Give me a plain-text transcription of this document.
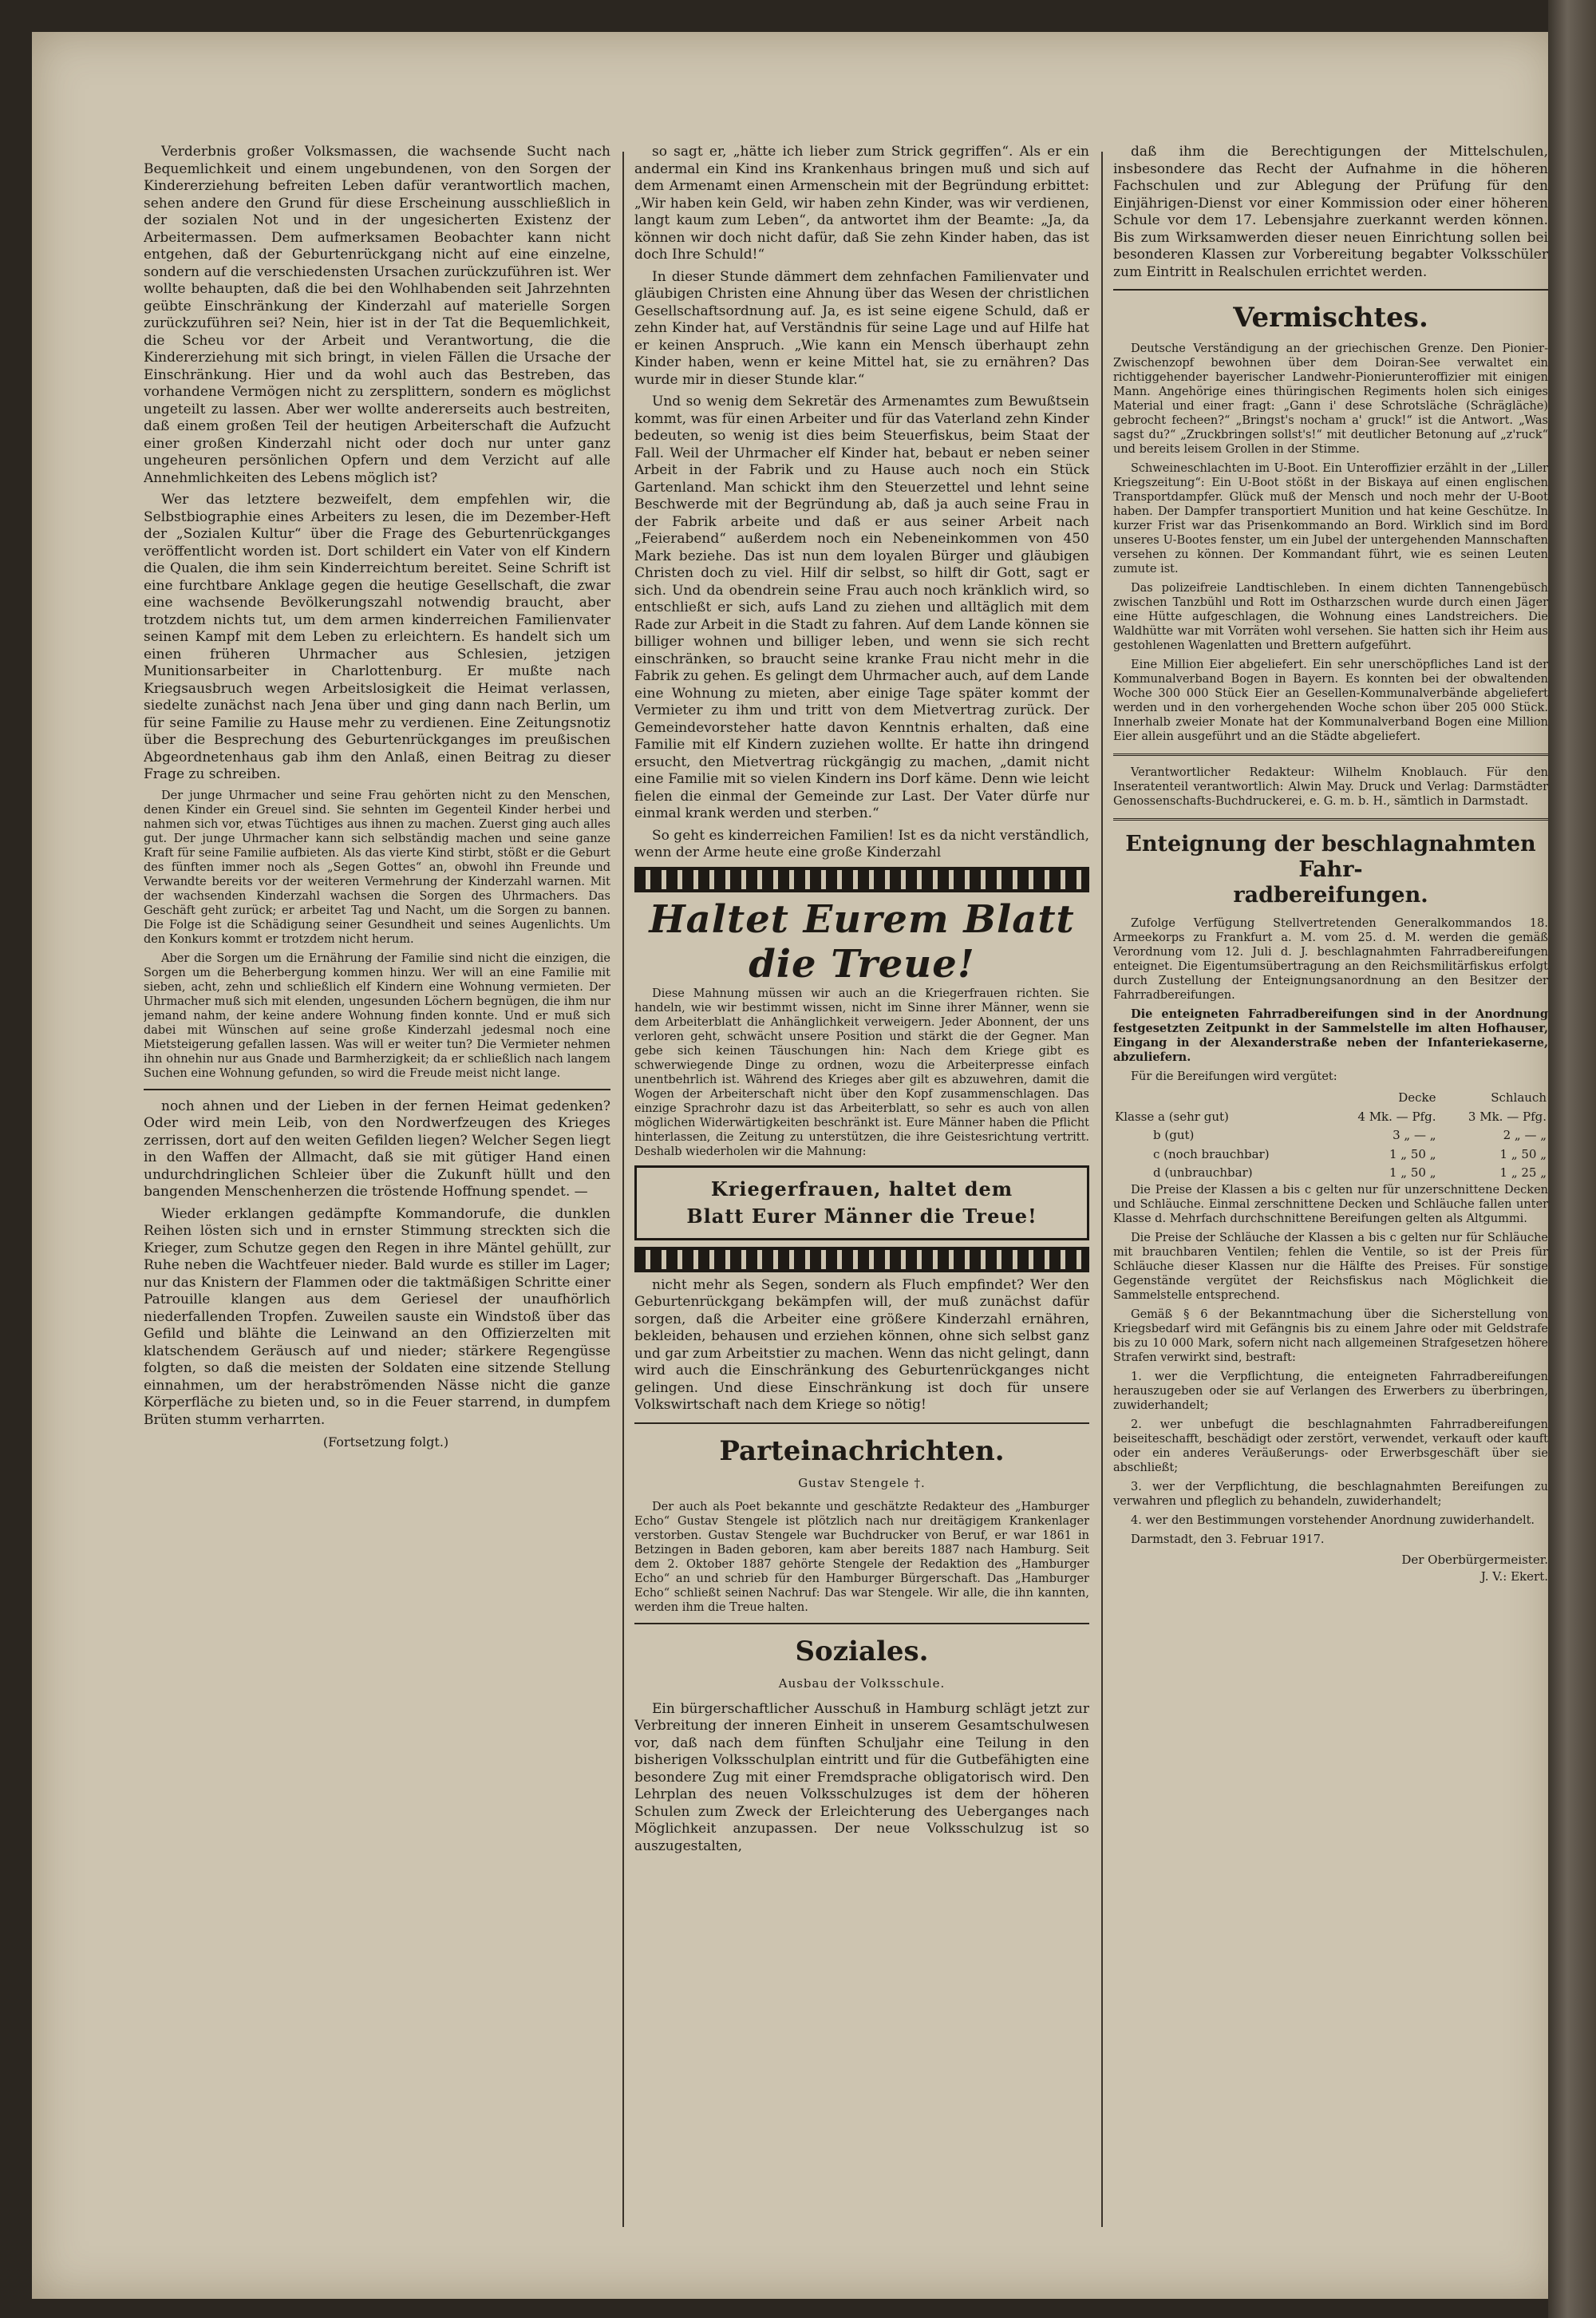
Verderbnis großer Volksmassen, die wachsende Sucht nach Bequemlichkeit und einem ungebundenen, von den Sorgen der Kindererziehung befreiten Leben dafür verantwortlich machen, sehen andere den Grund für diese Erscheinung ausschließlich in der sozialen Not und in der ungesicherten Existenz der Arbeitermassen. Dem aufmerksamen Beobachter kann nicht entgehen, daß der Geburtenrückgang nicht auf eine einzelne, sondern auf die verschiedensten Ursachen zurückzuführen ist. Wer wollte behaupten, daß die bei den Wohlhabenden seit Jahrzehnten geübte Einschränkung der Kinderzahl auf materielle Sorgen zurückzuführen sei? Nein, hier ist in der Tat die Bequemlichkeit, die Scheu vor der Arbeit und Verantwortung, die die Kindererziehung mit sich bringt, in vielen Fällen die Ursache der Einschränkung. Hier und da wohl auch das Bestreben, das vorhandene Vermögen nicht zu zersplittern, sondern es möglichst ungeteilt zu lassen. Aber wer wollte andererseits auch bestreiten, daß einem großen Teil der heutigen Arbeiterschaft die Aufzucht einer großen Kinderzahl nicht oder doch nur unter ganz ungeheuren persönlichen Opfern und dem Verzicht auf alle Annehmlichkeiten des Lebens möglich ist?

Wer das letztere bezweifelt, dem empfehlen wir, die Selbstbiographie eines Arbeiters zu lesen, die im Dezember-Heft der „Sozialen Kultur“ über die Frage des Geburtenrückganges veröffentlicht worden ist. Dort schildert ein Vater von elf Kindern die Qualen, die ihm sein Kinderreichtum bereitet. Seine Schrift ist eine furchtbare Anklage gegen die heutige Gesellschaft, die zwar eine wachsende Bevölkerungszahl notwendig braucht, aber trotzdem nichts tut, um dem armen kinderreichen Familienvater seinen Kampf mit dem Leben zu erleichtern. Es handelt sich um einen früheren Uhrmacher aus Schlesien, jetzigen Munitionsarbeiter in Charlottenburg. Er mußte nach Kriegsausbruch wegen Arbeitslosigkeit die Heimat verlassen, siedelte zunächst nach Jena über und ging dann nach Berlin, um für seine Familie zu Hause mehr zu verdienen. Eine Zeitungsnotiz über die Besprechung des Geburtenrückganges im preußischen Abgeordnetenhaus gab ihm den Anlaß, einen Beitrag zu dieser Frage zu schreiben.

Der junge Uhrmacher und seine Frau gehörten nicht zu den Menschen, denen Kinder ein Greuel sind. Sie sehnten im Gegenteil Kinder herbei und nahmen sich vor, etwas Tüchtiges aus ihnen zu machen. Zuerst ging auch alles gut. Der junge Uhrmacher kann sich selbständig machen und seine ganze Kraft für seine Familie aufbieten. Als das vierte Kind stirbt, stößt er die Geburt des fünften immer noch als „Segen Gottes“ an, obwohl ihn Freunde und Verwandte bereits vor der weiteren Vermehrung der Kinderzahl warnen. Mit der wachsenden Kinderzahl wachsen die Sorgen des Uhrmachers. Das Geschäft geht zurück; er arbeitet Tag und Nacht, um die Sorgen zu bannen. Die Folge ist die Schädigung seiner Gesundheit und seines Augenlichts. Um den Konkurs kommt er trotzdem nicht herum.

Aber die Sorgen um die Ernährung der Familie sind nicht die einzigen, die Sorgen um die Beherbergung kommen hinzu. Wer will an eine Familie mit sieben, acht, zehn und schließlich elf Kindern eine Wohnung vermieten. Der Uhrmacher muß sich mit elenden, ungesunden Löchern begnügen, die ihm nur jemand nahm, der keine andere Wohnung finden konnte. Und er muß sich dabei mit Wünschen auf seine große Kinderzahl jedesmal noch eine Mietsteigerung gefallen lassen. Was will er weiter tun? Die Vermieter nehmen ihn ohnehin nur aus Gnade und Barmherzigkeit; da er schließlich nach langem Suchen eine Wohnung gefunden, so wird die Freude meist nicht lange.

noch ahnen und der Lieben in der fernen Heimat gedenken? Oder wird mein Leib, von den Nordwerfzeugen des Krieges zerrissen, dort auf den weiten Gefilden liegen? Welcher Segen liegt in den Waffen der Allmacht, daß sie mit gütiger Hand einen undurchdringlichen Schleier über die Zukunft hüllt und den bangenden Menschenherzen die tröstende Hoffnung spendet. —

Wieder erklangen gedämpfte Kommandorufe, die dunklen Reihen lösten sich und in ernster Stimmung streckten sich die Krieger, zum Schutze gegen den Regen in ihre Mäntel gehüllt, zur Ruhe neben die Wachtfeuer nieder. Bald wurde es stiller im Lager; nur das Knistern der Flammen oder die taktmäßigen Schritte einer Patrouille klangen aus dem Geriesel der unaufhörlich niederfallenden Tropfen. Zuweilen sauste ein Windstoß über das Gefild und blähte die Leinwand an den Offizierzelten mit klatschendem Geräusch auf und nieder; stärkere Regengüsse folgten, so daß die meisten der Soldaten eine sitzende Stellung einnahmen, um der herabströmenden Nässe nicht die ganze Körperfläche zu bieten und, so in die Feuer starrend, in dumpfem Brüten stumm verharrten.

(Fortsetzung folgt.)

so sagt er, „hätte ich lieber zum Strick gegriffen“. Als er ein andermal ein Kind ins Krankenhaus bringen muß und sich auf dem Armenamt einen Armenschein mit der Begründung erbittet: „Wir haben kein Geld, wir haben zehn Kinder, was wir verdienen, langt kaum zum Leben“, da antwortet ihm der Beamte: „Ja, da können wir doch nicht dafür, daß Sie zehn Kinder haben, das ist doch Ihre Schuld!“

In dieser Stunde dämmert dem zehnfachen Familienvater und gläubigen Christen eine Ahnung über das Wesen der christlichen Gesellschaftsordnung auf. Ja, es ist seine eigene Schuld, daß er zehn Kinder hat, auf Verständnis für seine Lage und auf Hilfe hat er keinen Anspruch. „Wie kann ein Mensch überhaupt zehn Kinder haben, wenn er keine Mittel hat, sie zu ernähren? Das wurde mir in dieser Stunde klar.“

Und so wenig dem Sekretär des Armenamtes zum Bewußtsein kommt, was für einen Arbeiter und für das Vaterland zehn Kinder bedeuten, so wenig ist dies beim Steuerfiskus, beim Staat der Fall. Weil der Uhrmacher elf Kinder hat, bebaut er neben seiner Arbeit in der Fabrik und zu Hause auch noch ein Stück Gartenland. Man schickt ihm den Steuerzettel und lehnt seine Beschwerde mit der Begründung ab, daß ja auch seine Frau in der Fabrik arbeite und daß er aus seiner Arbeit nach „Feierabend“ außerdem noch ein Nebeneinkommen von 450 Mark beziehe. Das ist nun dem loyalen Bürger und gläubigen Christen doch zu viel. Hilf dir selbst, so hilft dir Gott, sagt er sich. Und da obendrein seine Frau auch noch kränklich wird, so entschließt er sich, aufs Land zu ziehen und alltäglich mit dem Rade zur Arbeit in die Stadt zu fahren. Auf dem Lande können sie billiger wohnen und billiger leben, und wenn sie sich recht einschränken, so braucht seine kranke Frau nicht mehr in die Fabrik zu gehen. Es gelingt dem Uhrmacher auch, auf dem Lande eine Wohnung zu mieten, aber einige Tage später kommt der Vermieter zu ihm und tritt von dem Mietvertrag zurück. Der Gemeindevorsteher hatte davon Kenntnis erhalten, daß eine Familie mit elf Kindern zuziehen wollte. Er hatte ihn dringend ersucht, den Mietvertrag rückgängig zu machen, „damit nicht eine Familie mit so vielen Kindern ins Dorf käme. Denn wie leicht fielen die einmal der Gemeinde zur Last. Der Vater dürfe nur einmal krank werden und sterben.“

So geht es kinderreichen Familien! Ist es da nicht verständlich, wenn der Arme heute eine große Kinderzahl

Haltet Eurem Blatt die Treue!

Diese Mahnung müssen wir auch an die Kriegerfrauen richten. Sie handeln, wie wir bestimmt wissen, nicht im Sinne ihrer Männer, wenn sie dem Arbeiterblatt die Anhänglichkeit verweigern. Jeder Abonnent, der uns verloren geht, schwächt unsere Position und stärkt die der Gegner. Man gebe sich keinen Täuschungen hin: Nach dem Kriege gibt es schwerwiegende Dinge zu ordnen, wozu die Arbeiterpresse einfach unentbehrlich ist. Während des Krieges aber gilt es abzuwehren, damit die Wogen der Arbeiterschaft nicht über den Kopf zusammenschlagen. Das einzige Sprachrohr dazu ist das Arbeiterblatt, so sehr es auch von allen möglichen Widerwärtigkeiten beschränkt ist. Eure Männer haben die Pflicht hinterlassen, die Zeitung zu unterstützen, die ihre Geistesrichtung vertritt. Deshalb wiederholen wir die Mahnung:

Kriegerfrauen, haltet dem
Blatt Eurer Männer die Treue!

nicht mehr als Segen, sondern als Fluch empfindet? Wer den Geburtenrückgang bekämpfen will, der muß zunächst dafür sorgen, daß die Arbeiter eine größere Kinderzahl ernähren, bekleiden, behausen und erziehen können, ohne sich selbst ganz und gar zum Arbeitstier zu machen. Wenn das nicht gelingt, dann wird auch die Einschränkung des Geburtenrückganges nicht gelingen. Und diese Einschränkung ist doch für unsere Volkswirtschaft nach dem Kriege so nötig!

Parteinachrichten.
Gustav Stengele †.

Der auch als Poet bekannte und geschätzte Redakteur des „Hamburger Echo“ Gustav Stengele ist plötzlich nach nur dreitägigem Krankenlager verstorben. Gustav Stengele war Buchdrucker von Beruf, er war 1861 in Betzingen in Baden geboren, kam aber bereits 1887 nach Hamburg. Seit dem 2. Oktober 1887 gehörte Stengele der Redaktion des „Hamburger Echo“ an und schrieb für den Hamburger Bürgerschaft. Das „Hamburger Echo“ schließt seinen Nachruf: Das war Stengele. Wir alle, die ihn kannten, werden ihm die Treue halten.

Soziales.
Ausbau der Volksschule.

Ein bürgerschaftlicher Ausschuß in Hamburg schlägt jetzt zur Verbreitung der inneren Einheit in unserem Gesamtschulwesen vor, daß nach dem fünften Schuljahr eine Teilung in den bisherigen Volksschulplan eintritt und für die Gutbefähigten eine besondere Zug mit einer Fremdsprache obligatorisch wird. Den Lehrplan des neuen Volksschulzuges ist dem der höheren Schulen zum Zweck der Erleichterung des Ueberganges nach Möglichkeit anzupassen. Der neue Volksschulzug ist so auszugestalten,

daß ihm die Berechtigungen der Mittelschulen, insbesondere das Recht der Aufnahme in die höheren Fachschulen und zur Ablegung der Prüfung für den Einjährigen-Dienst vor einer Kommission oder einer höheren Schule vor dem 17. Lebensjahre zuerkannt werden können. Bis zum Wirksamwerden dieser neuen Einrichtung sollen bei besonderen Klassen zur Vorbereitung begabter Volksschüler zum Eintritt in Realschulen errichtet werden.

Vermischtes.

Deutsche Verständigung an der griechischen Grenze. Den Pionier-Zwischenzopf bewohnen über dem Doiran-See verwaltet ein richtiggehender bayerischer Landwehr-Pionierunteroffizier mit einigen Mann. Angehörige eines thüringischen Regiments holen sich einiges Material und einer fragt: „Gann i' dese Schrotsläche (Schrägläche) gebrocht fecheen?“ „Bringst's nocham a' gruck!“ ist die Antwort. „Was sagst du?“ „Zruckbringen sollst's!“ mit deutlicher Betonung auf „z'ruck“ und bereits leisem Grollen in der Stimme.

Schweineschlachten im U-Boot. Ein Unteroffizier erzählt in der „Liller Kriegszeitung“: Ein U-Boot stößt in der Biskaya auf einen englischen Transportdampfer. Glück muß der Mensch und noch mehr der U-Boot haben. Der Dampfer transportiert Munition und hat keine Geschütze. In kurzer Frist war das Prisenkommando an Bord. Wirklich sind im Bord unseres U-Bootes fenster, um ein Jubel der untergehenden Mannschaften versehen zu können. Der Kommandant führt, wie es seinen Leuten zumute ist.

Das polizeifreie Landtischleben. In einem dichten Tannengebüsch zwischen Tanzbühl und Rott im Ostharzschen wurde durch einen Jäger eine Hütte aufgeschlagen, die Wohnung eines Landstreichers. Die Waldhütte war mit Vorräten wohl versehen. Sie hatten sich ihr Heim aus gestohlenen Wagenlatten und Brettern aufgeführt.

Eine Million Eier abgeliefert. Ein sehr unerschöpfliches Land ist der Kommunalverband Bogen in Bayern. Es konnten bei der obwaltenden Woche 300 000 Stück Eier an Gesellen-Kommunalverbände abgeliefert werden und in den vorhergehenden Woche schon über 205 000 Stück. Innerhalb zweier Monate hat der Kommunalverband Bogen eine Million Eier allein ausgeführt und an die Städte abgeliefert.

Verantwortlicher Redakteur: Wilhelm Knoblauch. Für den Inseratenteil verantwortlich: Alwin May. Druck und Verlag: Darmstädter Genossenschafts-Buchdruckerei, e. G. m. b. H., sämtlich in Darmstadt.

Enteignung der beschlagnahmten Fahr-
radbereifungen.

Zufolge Verfügung Stellvertretenden Generalkommandos 18. Armeekorps zu Frankfurt a. M. vom 25. d. M. werden die gemäß Verordnung vom 12. Juli d. J. beschlagnahmten Fahrradbereifungen enteignet. Die Eigentumsübertragung an den Reichsmilitärfiskus erfolgt durch Zustellung der Enteignungsanordnung an den Besitzer der Fahrradbereifungen.

Die enteigneten Fahrradbereifungen sind in der Anordnung festgesetzten Zeitpunkt in der Sammelstelle im alten Hofhauser, Eingang in der Alexanderstraße neben der Infanteriekaserne, abzuliefern.

Für die Bereifungen wird vergütet:

	Decke	Schlauch
Klasse a (sehr gut)	4 Mk. — Pfg.	3 Mk. — Pfg.
b (gut)	3 „ — „	2 „ — „
c (noch brauchbar)	1 „ 50 „	1 „ 50 „
d (unbrauchbar)	1 „ 50 „	1 „ 25 „

Die Preise der Klassen a bis c gelten nur für unzerschnittene Decken und Schläuche. Einmal zerschnittene Decken und Schläuche fallen unter Klasse d. Mehrfach durchschnittene Bereifungen gelten als Altgummi.

Die Preise der Schläuche der Klassen a bis c gelten nur für Schläuche mit brauchbaren Ventilen; fehlen die Ventile, so ist der Preis für Schläuche dieser Klassen nur die Hälfte des Preises. Für sonstige Gegenstände vergütet der Reichsfiskus nach Möglichkeit die Sammelstelle entsprechend.

Gemäß § 6 der Bekanntmachung über die Sicherstellung von Kriegsbedarf wird mit Gefängnis bis zu einem Jahre oder mit Geldstrafe bis zu 10 000 Mark, sofern nicht nach allgemeinen Strafgesetzen höhere Strafen verwirkt sind, bestraft:

1. wer die Verpflichtung, die enteigneten Fahrradbereifungen herauszugeben oder sie auf Verlangen des Erwerbers zu überbringen, zuwiderhandelt;

2. wer unbefugt die beschlagnahmten Fahrradbereifungen beiseiteschafft, beschädigt oder zerstört, verwendet, verkauft oder kauft oder ein anderes Veräußerungs- oder Erwerbsgeschäft über sie abschließt;

3. wer der Verpflichtung, die beschlagnahmten Bereifungen zu verwahren und pfleglich zu behandeln, zuwiderhandelt;

4. wer den Bestimmungen vorstehender Anordnung zuwiderhandelt.

Darmstadt, den 3. Februar 1917.

Der Oberbürgermeister.
J. V.: Ekert.
